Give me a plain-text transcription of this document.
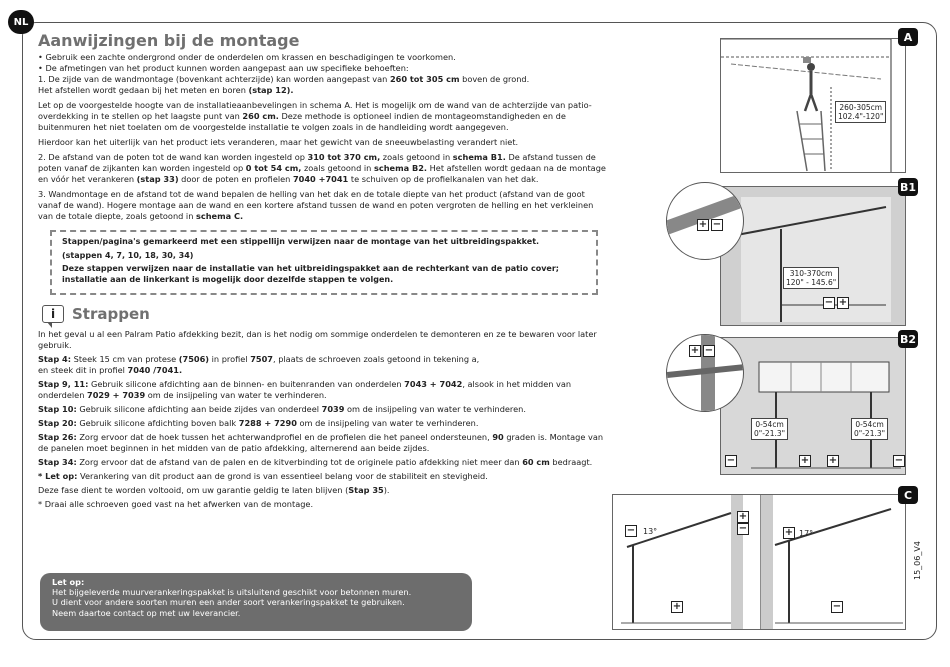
NL
Aanwijzingen bij de montage
• Gebruik een zachte ondergrond onder de onderdelen om krassen en beschadigingen te voorkomen.
• De afmetingen van het product kunnen worden aangepast aan uw specifieke behoeften:
1. De zijde van de wandmontage (bovenkant achterzijde) kan worden aangepast van 260 tot 305 cm boven de grond.
Het afstellen wordt gedaan bij het meten en boren (stap 12).
Let op de voorgestelde hoogte van de installatieaanbevelingen in schema A. Het is mogelijk om de wand van de achterzijde van patio-overdekking in te stellen op het laagste punt van 260 cm. Deze methode is optioneel indien de montageomstandigheden en de buitenmuren het niet toelaten om de voorgestelde installatie te volgen zoals in de handleiding wordt aangegeven.
Hierdoor kan het uiterlijk van het product iets veranderen, maar het gewicht van de sneeuwbelasting verandert niet.
2. De afstand van de poten tot de wand kan worden ingesteld op 310 tot 370 cm, zoals getoond in schema B1. De afstand tussen de poten vanaf de zijkanten kan worden ingesteld op 0 tot 54 cm, zoals getoond in schema B2. Het afstellen wordt gedaan na de montage en vóór het verankeren (stap 33) door de poten en profielen 7040 +7041 te schuiven op de profielkanalen van het dak.
3. Wandmontage en de afstand tot de wand bepalen de helling van het dak en de totale diepte van het product (afstand van de goot vanaf de wand). Hogere montage aan de wand en een kortere afstand tussen de wand en poten vergroten de helling en het verkleinen van de totale diepte, zoals getoond in schema C.
Stappen/pagina's gemarkeerd met een stippellijn verwijzen naar de montage van het uitbreidingspakket.
(stappen 4, 7, 10, 18, 30, 34)
Deze stappen verwijzen naar de installatie van het uitbreidingspakket aan de rechterkant van de patio cover;
installatie aan de linkerkant is mogelijk door dezelfde stappen te volgen.
i	Strappen
In het geval u al een Palram Patio afdekking bezit, dan is het nodig om sommige onderdelen te demonteren en ze te bewaren voor later gebruik.
Stap 4: Steek 15 cm van protese (7506) in profiel 7507, plaats de schroeven zoals getoond in tekening a,
en steek dit in profiel 7040 /7041.
Stap 9, 11: Gebruik silicone afdichting aan de binnen- en buitenranden van onderdelen 7043 + 7042, alsook in het midden van onderdelen 7029 + 7039 om de insijpeling van water te verhinderen.
Stap 10: Gebruik silicone afdichting aan beide zijdes van onderdeel 7039 om de insijpeling van water te verhinderen.
Stap 20: Gebruik silicone afdichting boven balk 7288 + 7290 om de insijpeling van water te verhinderen.
Stap 26: Zorg ervoor dat de hoek tussen het achterwandprofiel en de profielen die het paneel ondersteunen, 90 graden is. Montage van de panelen moet beginnen in het midden van de patio afdekking, alternerend aan beide zijdes.
Stap 34: Zorg ervoor dat de afstand van de palen en de kitverbinding tot de originele patio afdekking niet meer dan 60 cm bedraagt.
* Let op: Verankering van dit product aan de grond is van essentieel belang voor de stabiliteit en stevigheid.
Deze fase dient te worden voltooid, om uw garantie geldig te laten blijven (Stap 35).
* Draai alle schroeven goed vast na het afwerken van de montage.
Let op:
Het bijgeleverde muurverankeringspakket is uitsluitend geschikt voor betonnen muren.
U dient voor andere soorten muren een ander soort verankeringspakket te gebruiken.
Neem daartoe contact op met uw leverancier.
260-305cm
102.4"-120"
A
310-370cm
120" - 145.6"
− +
B1
+ −
0-54cm
0"-21.3"
0-54cm
0"-21.3"
−	+ +	−
B2
+ −
− 13°
+
+
−	+ 17°
−
C
15_06_V4
